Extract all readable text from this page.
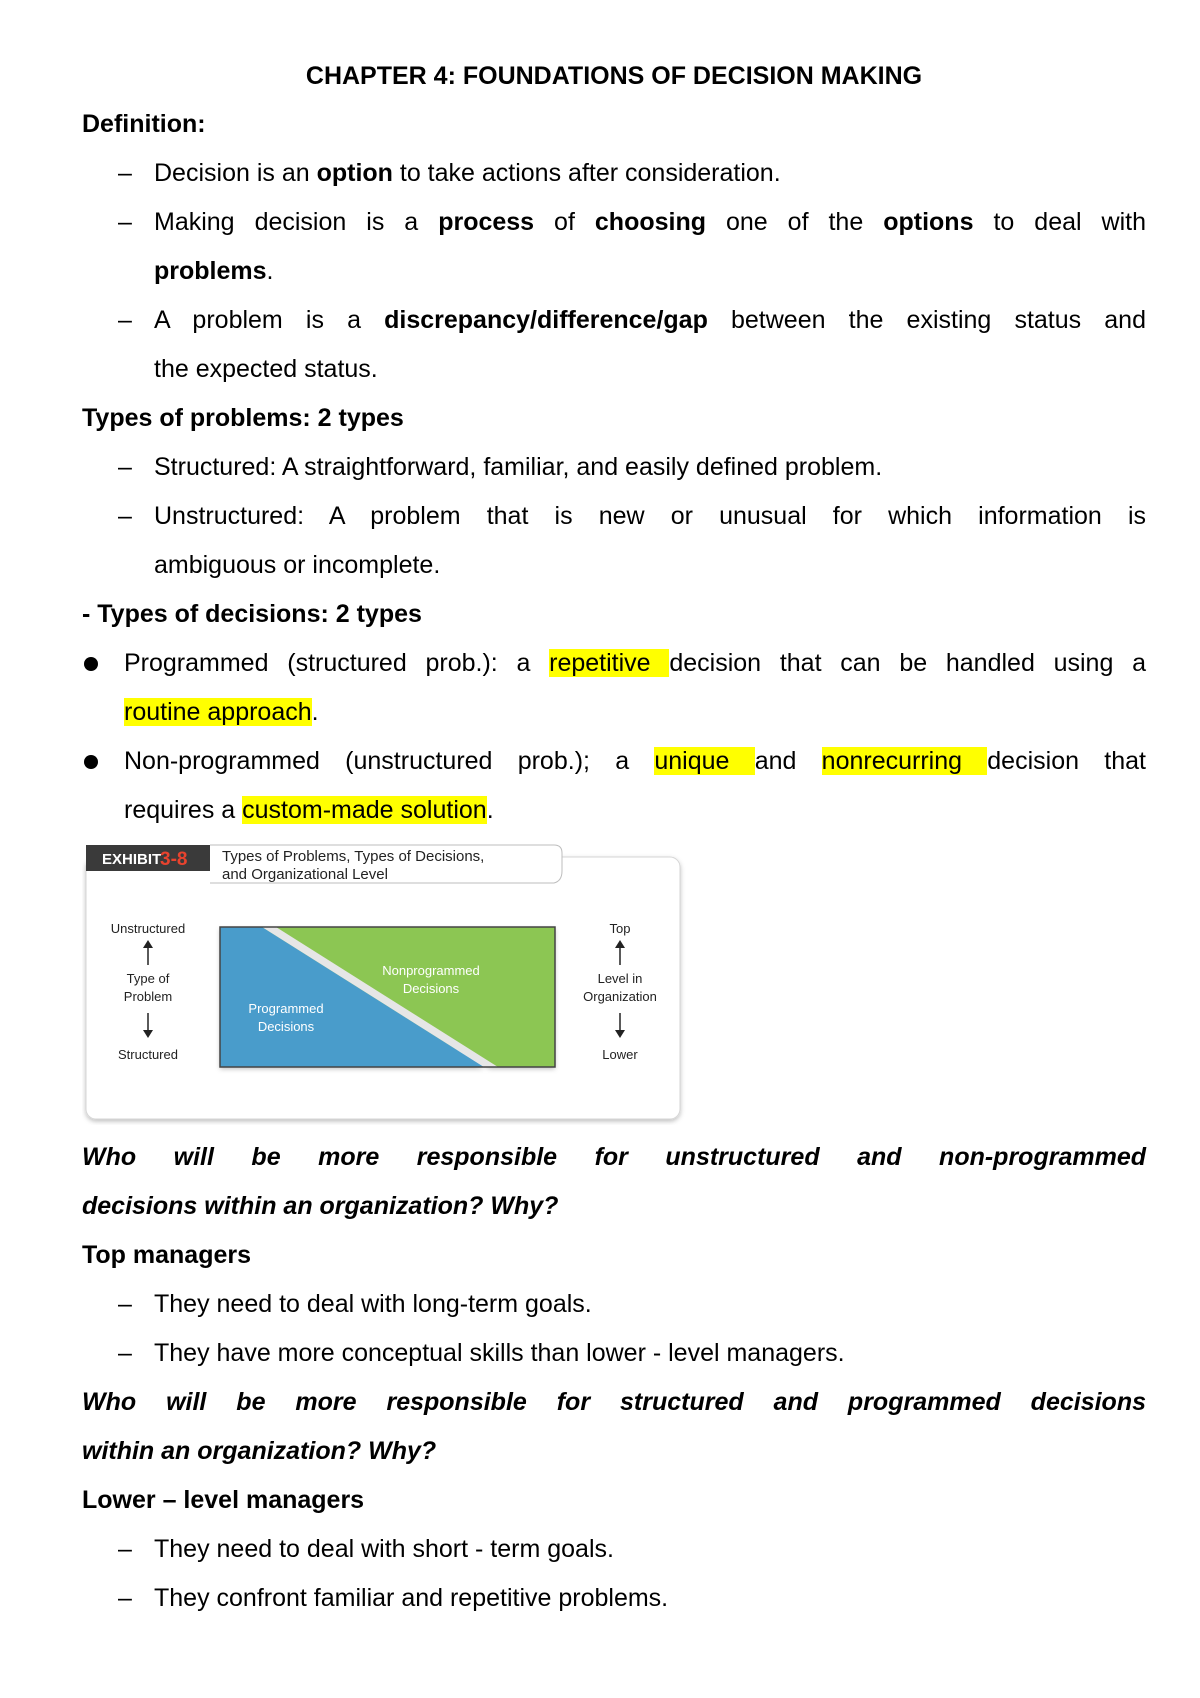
CHAPTER 4: FOUNDATIONS OF DECISION MAKING
Definition:
– Decision is an option to take actions after consideration.
– Making decision is a process of choosing one of the options to deal with
problems.
– A problem is a discrepancy/difference/gap between the existing status and
the expected status.
Types of problems: 2 types
– Structured: A straightforward, familiar, and easily defined problem.
– Unstructured: A problem that is new or unusual for which information is
ambiguous or incomplete.
- Types of decisions: 2 types
Programmed (structured prob.): a repetitive decision that can be handled using a
routine approach.
Non-programmed (unstructured prob.); a unique and nonrecurring decision that
requires a custom-made solution.
EXHIBIT
3-8 Types of Problems, Types of Decisions,
and Organizational Level
Nonprogrammed
Decisions
Programmed
Decisions
Unstructured
Type of
Problem
Structured
Top
Level in
Organization
Lower
Who will be more responsible for unstructured and non-programmed
decisions within an organization? Why?
Top managers
– They need to deal with long-term goals.
– They have more conceptual skills than lower - level managers.
Who will be more responsible for structured and programmed decisions
within an organization? Why?
Lower – level managers
– They need to deal with short - term goals.
– They confront familiar and repetitive problems.
